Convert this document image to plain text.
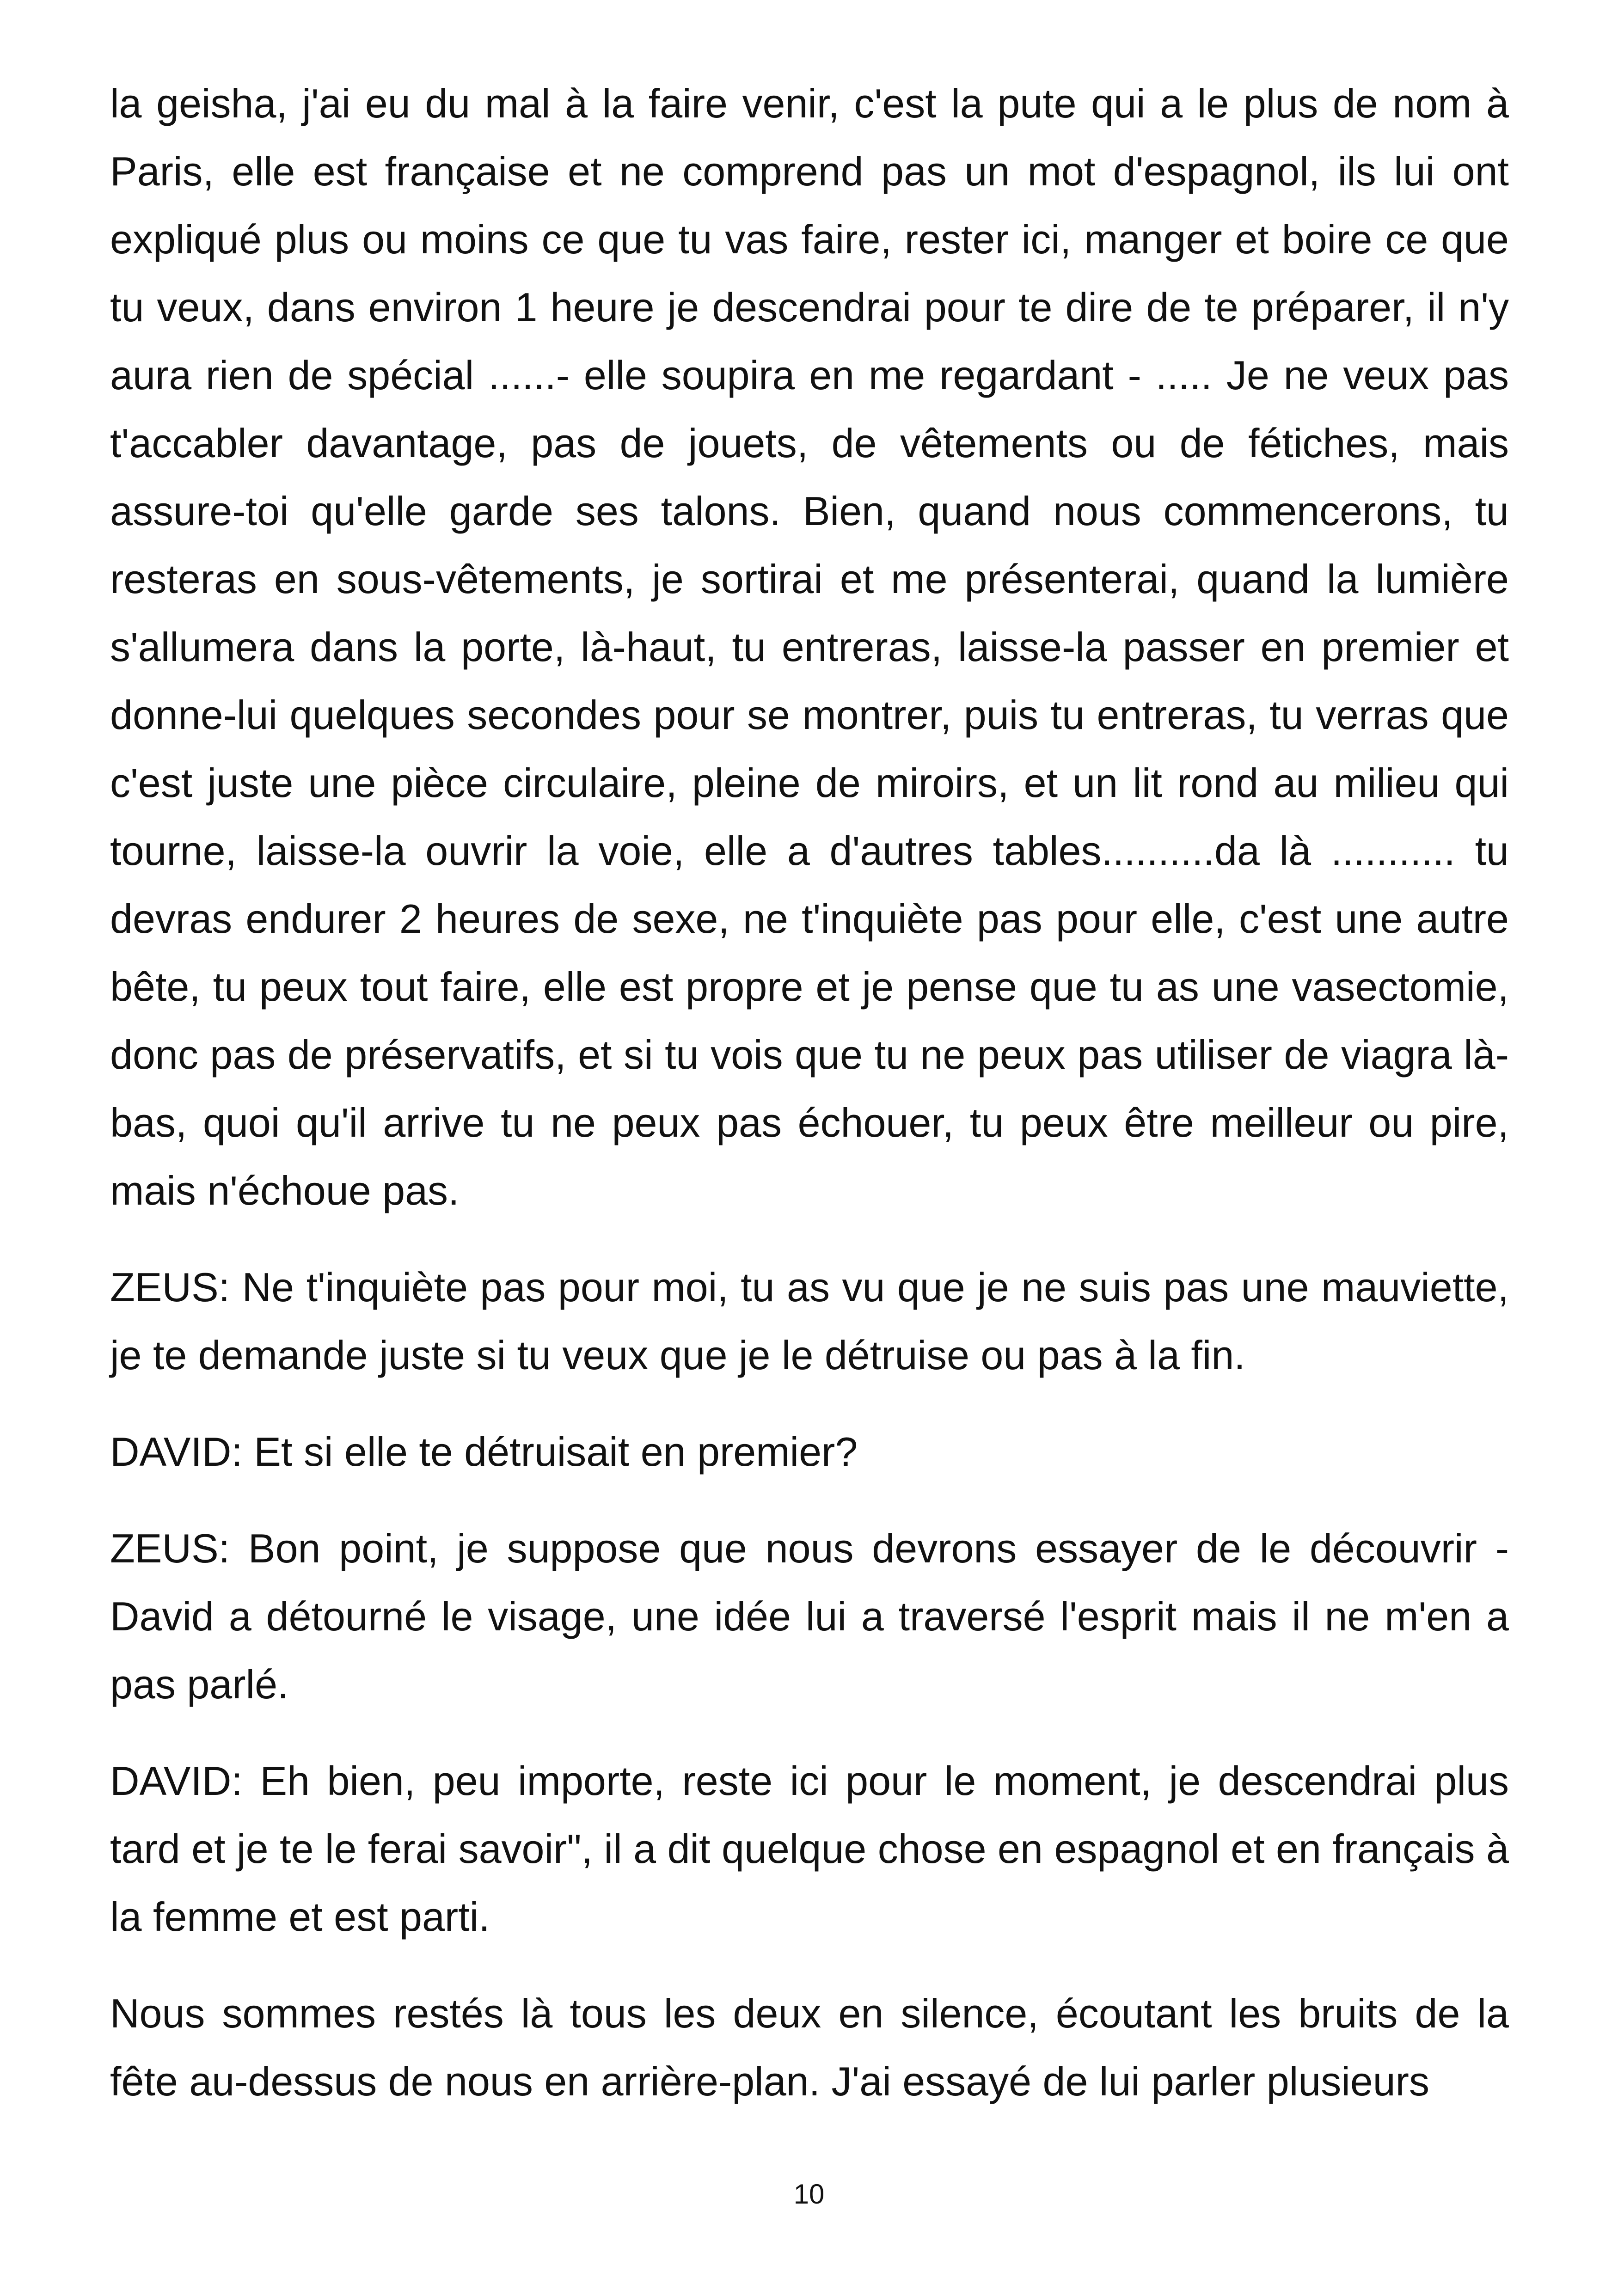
la geisha, j'ai eu du mal à la faire venir, c'est la pute qui a le plus de nom à Paris, elle est française et ne comprend pas un mot d'espagnol, ils lui ont expliqué plus ou moins ce que tu vas faire, rester ici, manger et boire ce que tu veux, dans environ 1 heure je descendrai pour te dire de te préparer, il n'y aura rien de spécial ......- elle soupira en me regardant - ..... Je ne veux pas t'accabler davantage, pas de jouets, de vêtements ou de fétiches, mais assure-toi qu'elle garde ses talons. Bien, quand nous commencerons, tu resteras en sous-vêtements, je sortirai et me présenterai, quand la lumière s'allumera dans la porte, là-haut, tu entreras, laisse-la passer en premier et donne-lui quelques secondes pour se montrer, puis tu entreras, tu verras que c'est juste une pièce circulaire, pleine de miroirs, et un lit rond au milieu qui tourne, laisse-la ouvrir la voie, elle a d'autres tables..........da là ........... tu devras endurer 2 heures de sexe, ne t'inquiète pas pour elle, c'est une autre bête, tu peux tout faire, elle est propre et je pense que tu as une vasectomie, donc pas de préservatifs, et si tu vois que tu ne peux pas utiliser de viagra là-bas, quoi qu'il arrive tu ne peux pas échouer, tu peux être meilleur ou pire, mais n'échoue pas.

ZEUS: Ne t'inquiète pas pour moi, tu as vu que je ne suis pas une mauviette, je te demande juste si tu veux que je le détruise ou pas à la fin.

DAVID: Et si elle te détruisait en premier?

ZEUS: Bon point, je suppose que nous devrons essayer de le découvrir - David a détourné le visage, une idée lui a traversé l'esprit mais il ne m'en a pas parlé.

DAVID: Eh bien, peu importe, reste ici pour le moment, je descendrai plus tard et je te le ferai savoir", il a dit quelque chose en espagnol et en français à la femme et est parti.

Nous sommes restés là tous les deux en silence, écoutant les bruits de la fête au-dessus de nous en arrière-plan. J'ai essayé de lui parler plusieurs

10
